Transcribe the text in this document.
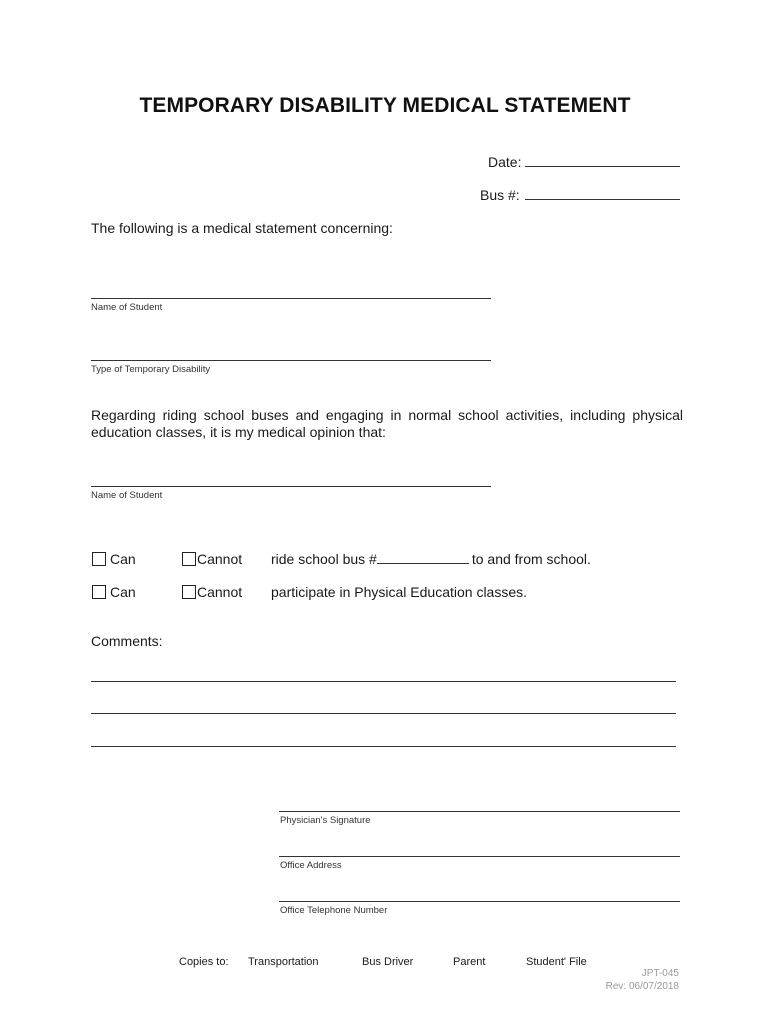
TEMPORARY DISABILITY MEDICAL STATEMENT
Date:
Bus #:
The following is a medical statement concerning:
Name of Student
Type of Temporary Disability
Regarding riding school buses and engaging in normal school activities, including physical education classes, it is my medical opinion that:
Name of Student
Can	Cannot ride school bus #	to and from school.
Can	Cannot participate in Physical Education classes.
Comments:
Physician's Signature
Office Address
Office Telephone Number
Copies to: Transportation	Bus Driver	Parent	Student' File
JPT-045
Rev: 06/07/2018
